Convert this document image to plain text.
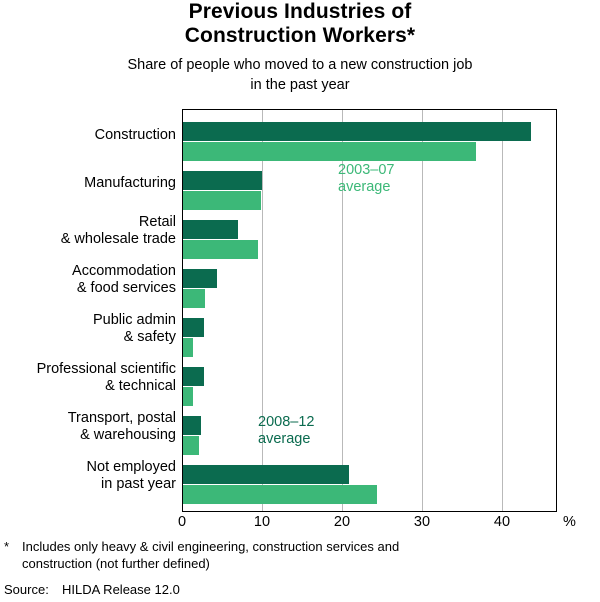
Previous Industries of
Construction Workers*
Share of people who moved to a new construction job
in the past year
Construction
Manufacturing
Retail
& wholesale trade
Accommodation
& food services
Public admin
& safety
Professional scientific
& technical
Transport, postal
& warehousing
Not employed
in past year
2003–07
average
2008–12
average
0	10	20	30	40	%
* Includes only heavy & civil engineering, construction services and
construction (not further defined)
Source:	HILDA Release 12.0
